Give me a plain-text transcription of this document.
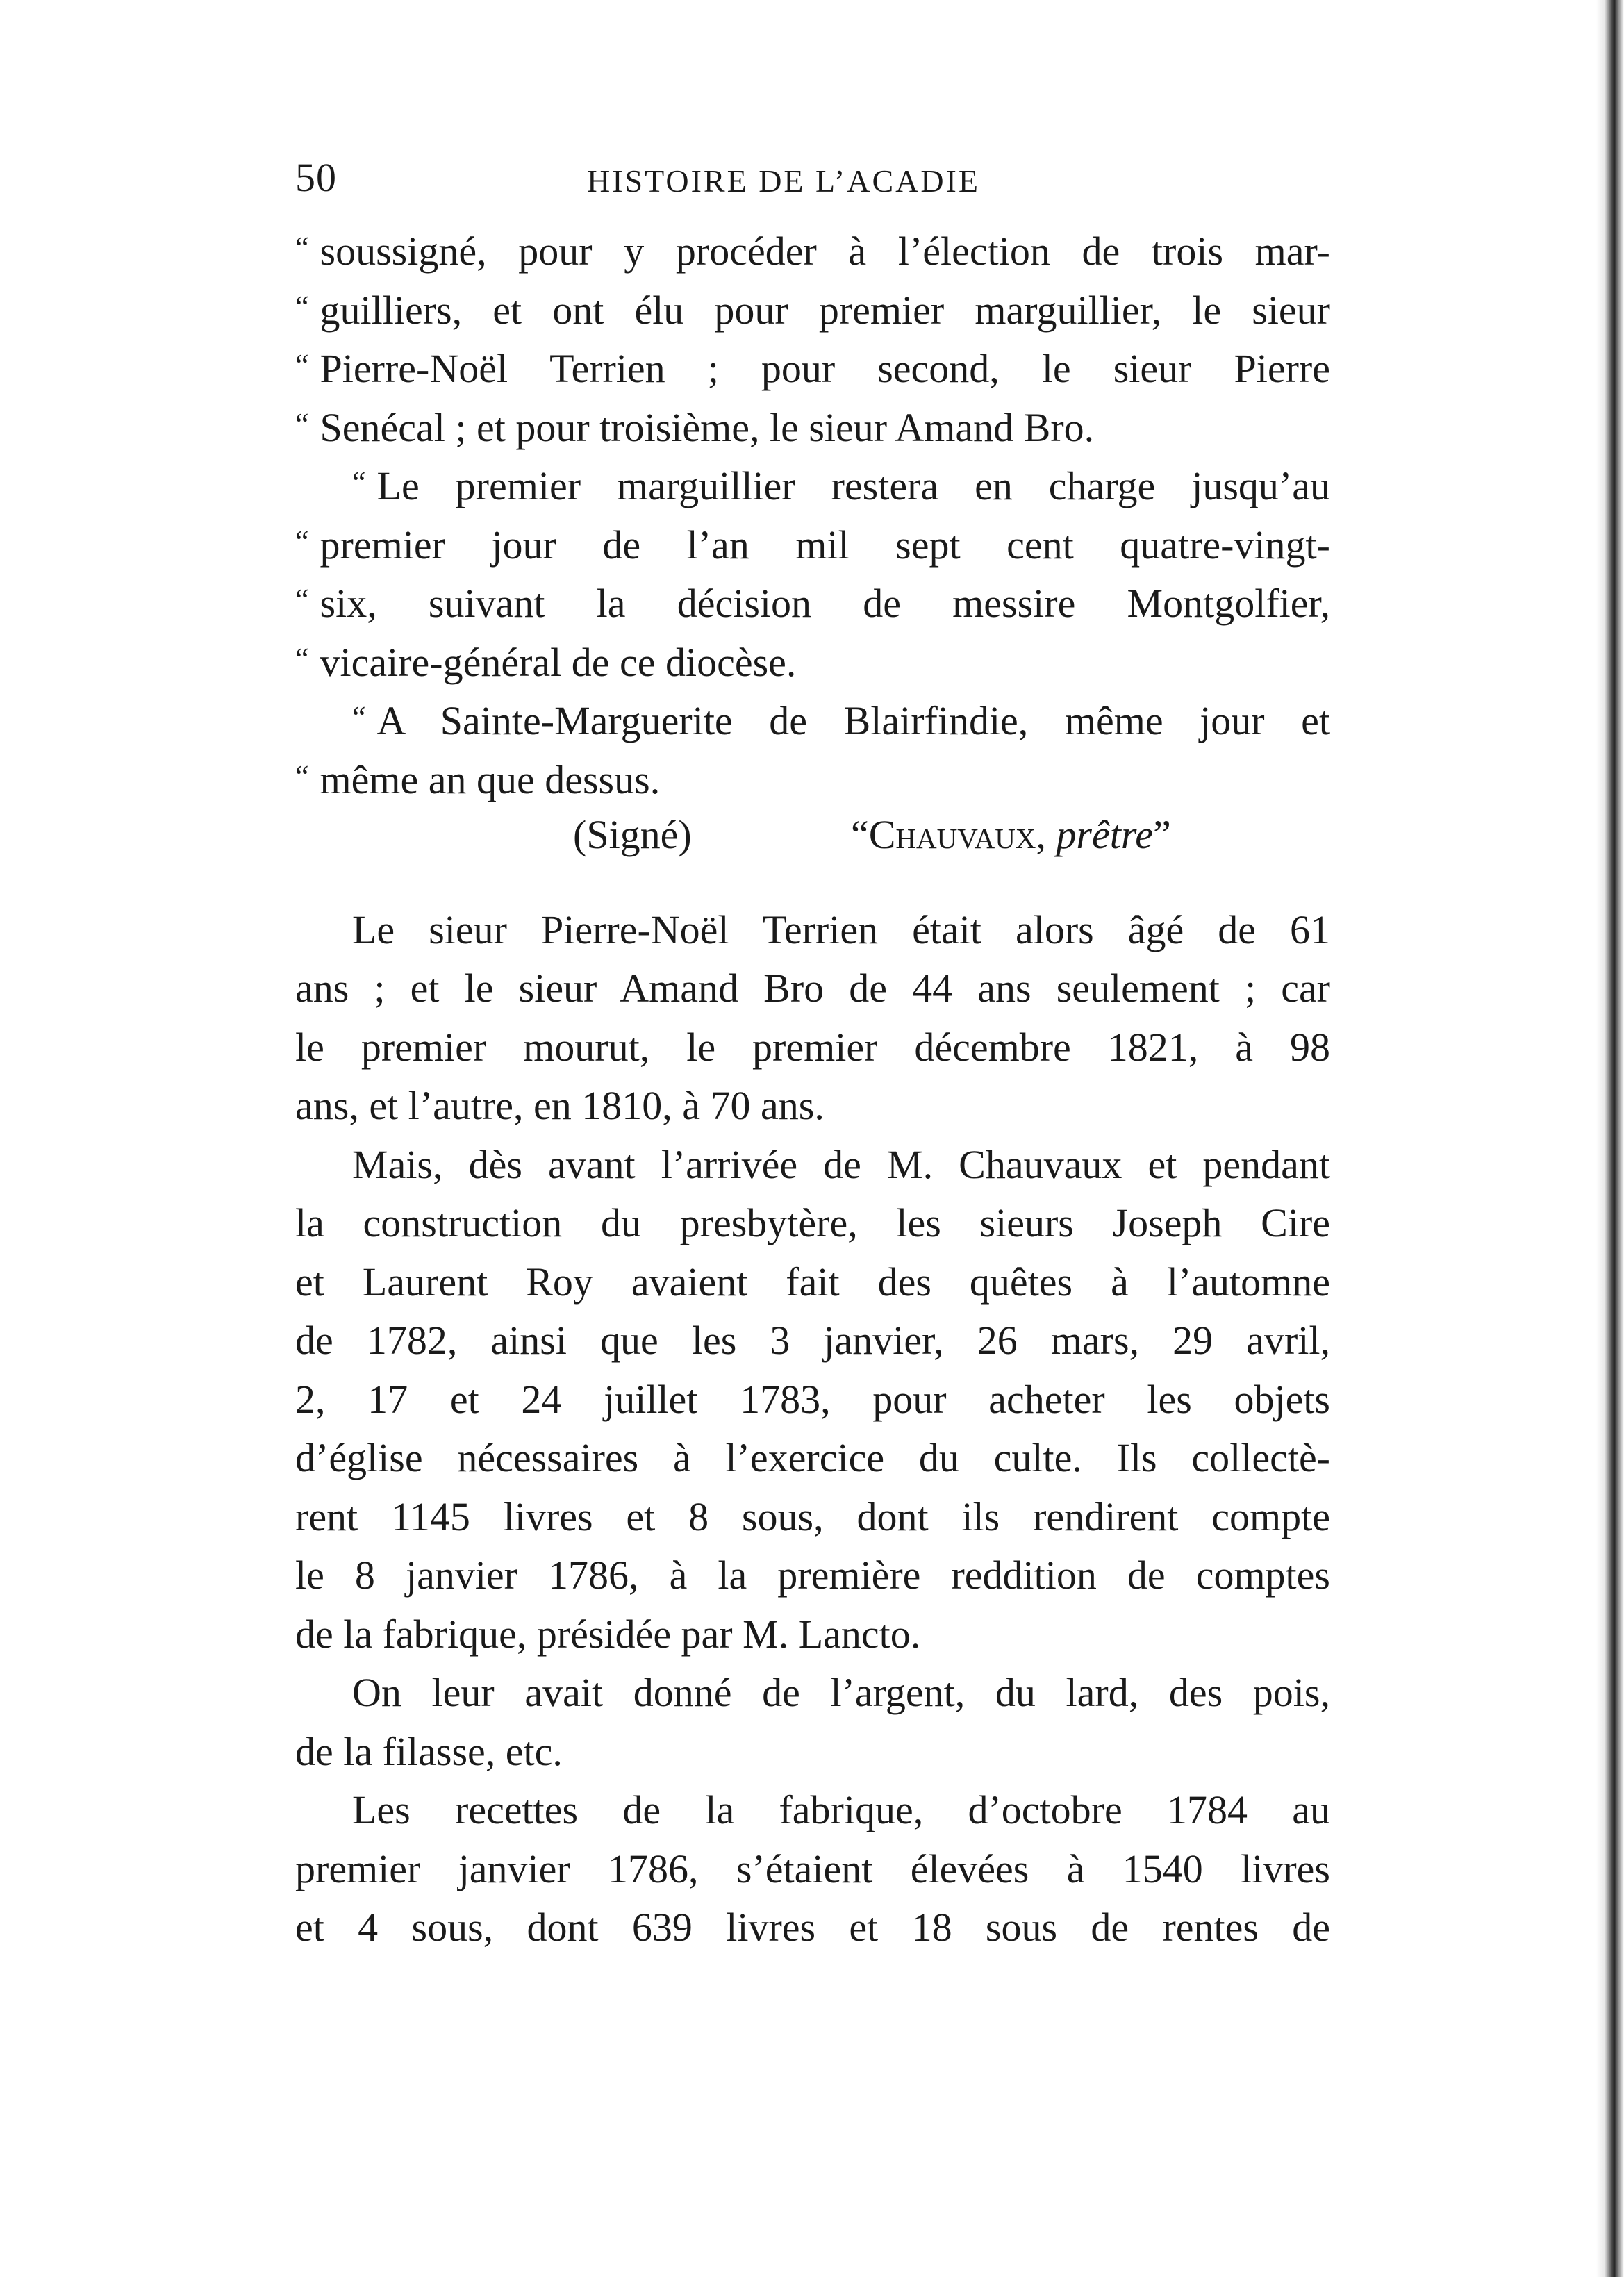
50	HISTOIRE DE L’ACADIE
“ soussigné, pour y procéder à l’élection de trois mar-
“ guilliers, et ont élu pour premier marguillier, le sieur
“ Pierre-Noël Terrien ; pour second, le sieur Pierre
“ Senécal ; et pour troisième, le sieur Amand Bro.
“ Le premier marguillier restera en charge jusqu’au
“ premier jour de l’an mil sept cent quatre-vingt-
“ six, suivant la décision de messire Montgolfier,
“ vicaire-général de ce diocèse.
“ A Sainte-Marguerite de Blairfindie, même jour et
“ même an que dessus.
(Signé)	“Chauvaux, prêtre”
Le sieur Pierre-Noël Terrien était alors âgé de 61
ans ; et le sieur Amand Bro de 44 ans seulement ; car
le premier mourut, le premier décembre 1821, à 98
ans, et l’autre, en 1810, à 70 ans.
Mais, dès avant l’arrivée de M. Chauvaux et pendant
la construction du presbytère, les sieurs Joseph Cire
et Laurent Roy avaient fait des quêtes à l’automne
de 1782, ainsi que les 3 janvier, 26 mars, 29 avril,
2, 17 et 24 juillet 1783, pour acheter les objets
d’église nécessaires à l’exercice du culte. Ils collectè-
rent 1145 livres et 8 sous, dont ils rendirent compte
le 8 janvier 1786, à la première reddition de comptes
de la fabrique, présidée par M. Lancto.
On leur avait donné de l’argent, du lard, des pois,
de la filasse, etc.
Les recettes de la fabrique, d’octobre 1784 au
premier janvier 1786, s’étaient élevées à 1540 livres
et 4 sous, dont 639 livres et 18 sous de rentes de
